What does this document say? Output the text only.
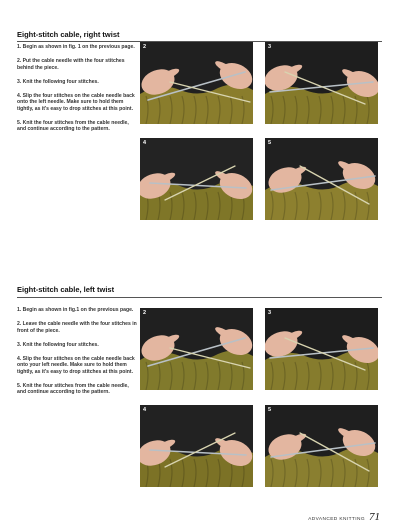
Eight-stitch cable, right twist
1. Begin as shown in fig. 1 on the previous page.
2. Put the cable needle with the four stitches behind the piece.
3. Knit the following four stitches.
4. Slip the four stitches on the cable needle back onto the left needle. Make sure to hold them tightly, as it's easy to drop stitches at this point.
5. Knit the four stitches from the cable needle, and continue according to the pattern.
2	3
4	5
Eight-stitch cable, left twist
1. Begin as shown in fig.1 on the previous page.
2. Leave the cable needle with the four stitches in front of the piece.
3. Knit the following four stitches.
4. Slip the four stitches on the cable needle back onto your left needle. Make sure to hold them tightly, as it's easy to drop stitches at this point.
5. Knit the four stitches from the cable needle, and continue according to the pattern.
2	3
4	5
ADVANCED KNITTING 71
